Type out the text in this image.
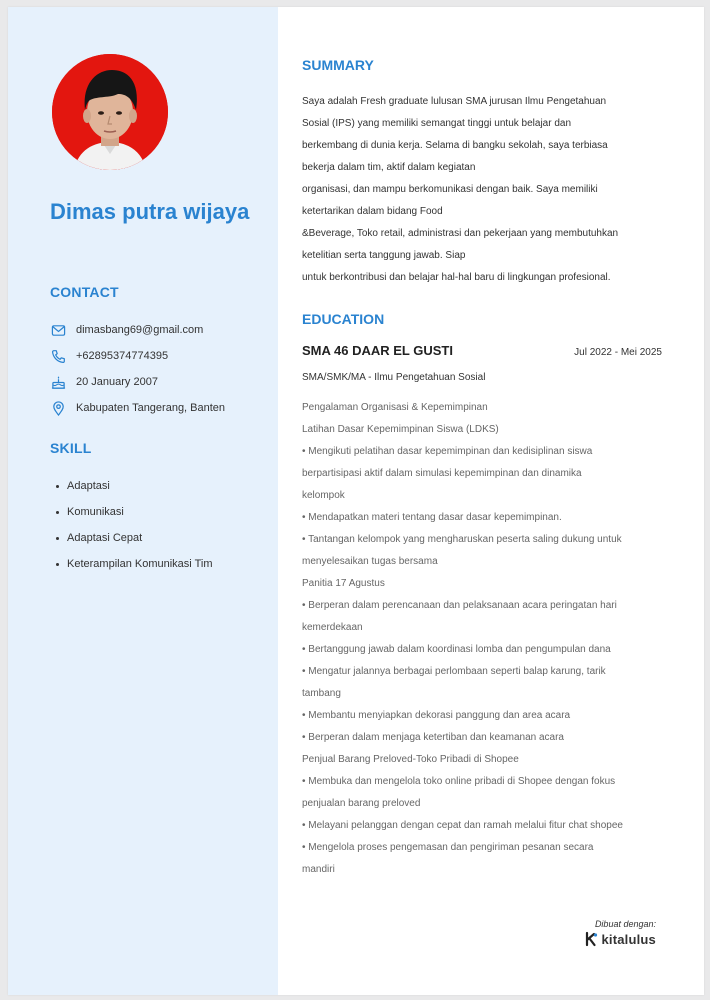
Dimas putra wijaya
CONTACT
dimasbang69@gmail.com
+62895374774395
20 January 2007
Kabupaten Tangerang, Banten
SKILL
Adaptasi
Komunikasi
Adaptasi Cepat
Keterampilan Komunikasi Tim
SUMMARY

Saya adalah Fresh graduate lulusan SMA jurusan Ilmu Pengetahuan

Sosial (IPS) yang memiliki semangat tinggi untuk belajar dan

berkembang di dunia kerja. Selama di bangku sekolah, saya terbiasa

bekerja dalam tim, aktif dalam kegiatan

organisasi, dan mampu berkomunikasi dengan baik. Saya memiliki

ketertarikan dalam bidang Food

&Beverage, Toko retail, administrasi dan pekerjaan yang membutuhkan

ketelitian serta tanggung jawab. Siap

untuk berkontribusi dan belajar hal-hal baru di lingkungan profesional.

EDUCATION
SMA 46 DAAR EL GUSTI	Jul 2022 - Mei 2025
SMA/SMK/MA - Ilmu Pengetahuan Sosial

Pengalaman Organisasi & Kepemimpinan

Latihan Dasar Kepemimpinan Siswa (LDKS)

• Mengikuti pelatihan dasar kepemimpinan dan kedisiplinan siswa

berpartisipasi aktif dalam simulasi kepemimpinan dan dinamika

kelompok

• Mendapatkan materi tentang dasar dasar kepemimpinan.

• Tantangan kelompok yang mengharuskan peserta saling dukung untuk

menyelesaikan tugas bersama

Panitia 17 Agustus

• Berperan dalam perencanaan dan pelaksanaan acara peringatan hari

kemerdekaan

• Bertanggung jawab dalam koordinasi lomba dan pengumpulan dana

• Mengatur jalannya berbagai perlombaan seperti balap karung, tarik

tambang

• Membantu menyiapkan dekorasi panggung dan area acara

• Berperan dalam menjaga ketertiban dan keamanan acara

Penjual Barang Preloved-Toko Pribadi di Shopee

• Membuka dan mengelola toko online pribadi di Shopee dengan fokus

penjualan barang preloved

• Melayani pelanggan dengan cepat dan ramah melalui fitur chat shopee

• Mengelola proses pengemasan dan pengiriman pesanan secara

mandiri

Dibuat dengan:
kitalulus
